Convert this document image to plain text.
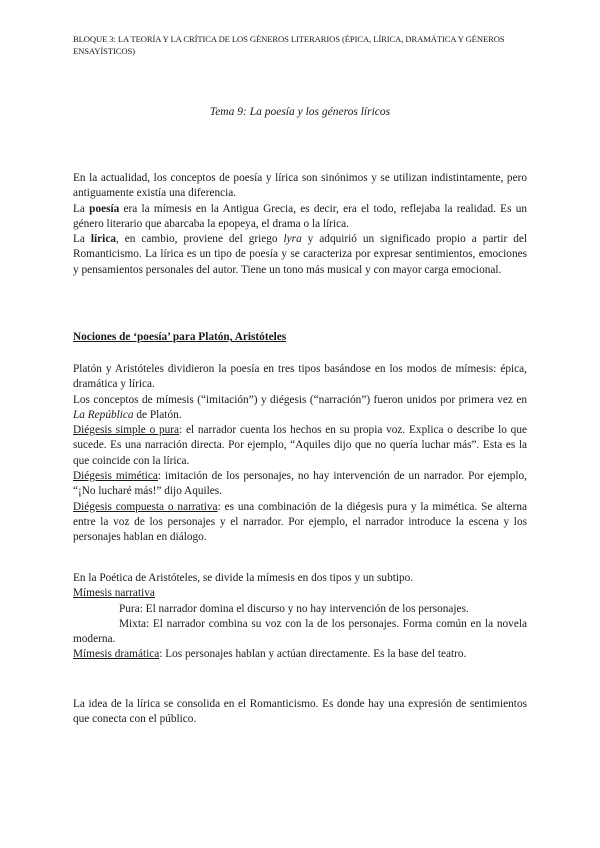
BLOQUE 3: LA TEORÍA Y LA CRÍTICA DE LOS GÉNEROS LITERARIOS (ÉPICA, LÍRICA, DRAMÁTICA Y GÉNEROS ENSAYÍSTICOS)
Tema 9: La poesía y los géneros líricos

En la actualidad, los conceptos de poesía y lírica son sinónimos y se utilizan indistintamente, pero antiguamente existía una diferencia.

La poesía era la mímesis en la Antigua Grecia, es decir, era el todo, reflejaba la realidad. Es un género literario que abarcaba la epopeya, el drama o la lírica.

La lírica, en cambio, proviene del griego lyra y adquirió un significado propio a partir del Romanticismo. La lírica es un tipo de poesía y se caracteriza por expresar sentimientos, emociones y pensamientos personales del autor. Tiene un tono más musical y con mayor carga emocional.

Nociones de ‘poesía’ para Platón, Aristóteles

Platón y Aristóteles dividieron la poesía en tres tipos basándose en los modos de mímesis: épica, dramática y lírica.

Los conceptos de mímesis (“imitación”) y diégesis (“narración”) fueron unidos por primera vez en La República de Platón.

Diégesis simple o pura: el narrador cuenta los hechos en su propia voz. Explica o describe lo que sucede. Es una narración directa. Por ejemplo, “Aquiles dijo que no quería luchar más”. Esta es la que coincide con la lírica.

Diégesis mimética: imitación de los personajes, no hay intervención de un narrador. Por ejemplo, “¡No lucharé más!” dijo Aquiles.

Diégesis compuesta o narrativa: es una combinación de la diégesis pura y la mimética. Se alterna entre la voz de los personajes y el narrador. Por ejemplo, el narrador introduce la escena y los personajes hablan en diálogo.

En la Poética de Aristóteles, se divide la mímesis en dos tipos y un subtipo.

Mímesis narrativa

Pura: El narrador domina el discurso y no hay intervención de los personajes.

Mixta: El narrador combina su voz con la de los personajes. Forma común en la novela moderna.

Mímesis dramática: Los personajes hablan y actúan directamente. Es la base del teatro.

La idea de la lírica se consolida en el Romanticismo. Es donde hay una expresión de sentimientos que conecta con el público.
